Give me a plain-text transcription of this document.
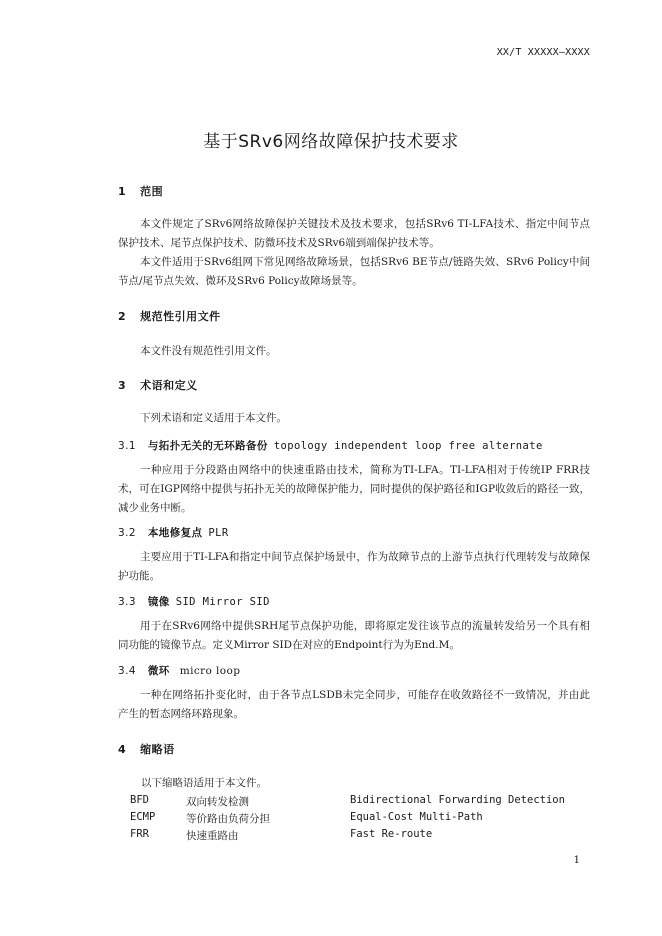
XX/T XXXXX—XXXX
基于SRv6网络故障保护技术要求
1 范围
本文件规定了SRv6网络故障保护关键技术及技术要求，包括SRv6 TI-LFA技术、指定中间节点保护技术、尾节点保护技术、防微环技术及SRv6端到端保护技术等。
本文件适用于SRv6组网下常见网络故障场景，包括SRv6 BE节点/链路失效、SRv6 Policy中间节点/尾节点失效、微环及SRv6 Policy故障场景等。
2 规范性引用文件
本文件没有规范性引用文件。
3 术语和定义
下列术语和定义适用于本文件。
3.1 与拓扑无关的无环路备份 topology independent loop free alternate
一种应用于分段路由网络中的快速重路由技术，简称为TI-LFA。TI-LFA相对于传统IP FRR技术，可在IGP网络中提供与拓扑无关的故障保护能力，同时提供的保护路径和IGP收敛后的路径一致，减少业务中断。
3.2 本地修复点 PLR
主要应用于TI-LFA和指定中间节点保护场景中，作为故障节点的上游节点执行代理转发与故障保护功能。
3.3 镜像 SID Mirror SID
用于在SRv6网络中提供SRH尾节点保护功能，即将原定发往该节点的流量转发给另一个具有相同功能的镜像节点。定义Mirror SID在对应的Endpoint行为为End.M。
3.4 微环 micro loop
一种在网络拓扑变化时，由于各节点LSDB未完全同步，可能存在收敛路径不一致情况，并由此产生的暂态网络环路现象。
4 缩略语
以下缩略语适用于本文件。
BFD	双向转发检测	Bidirectional Forwarding Detection
ECMP	等价路由负荷分担	Equal-Cost Multi-Path
FRR	快速重路由	Fast Re-route
1
